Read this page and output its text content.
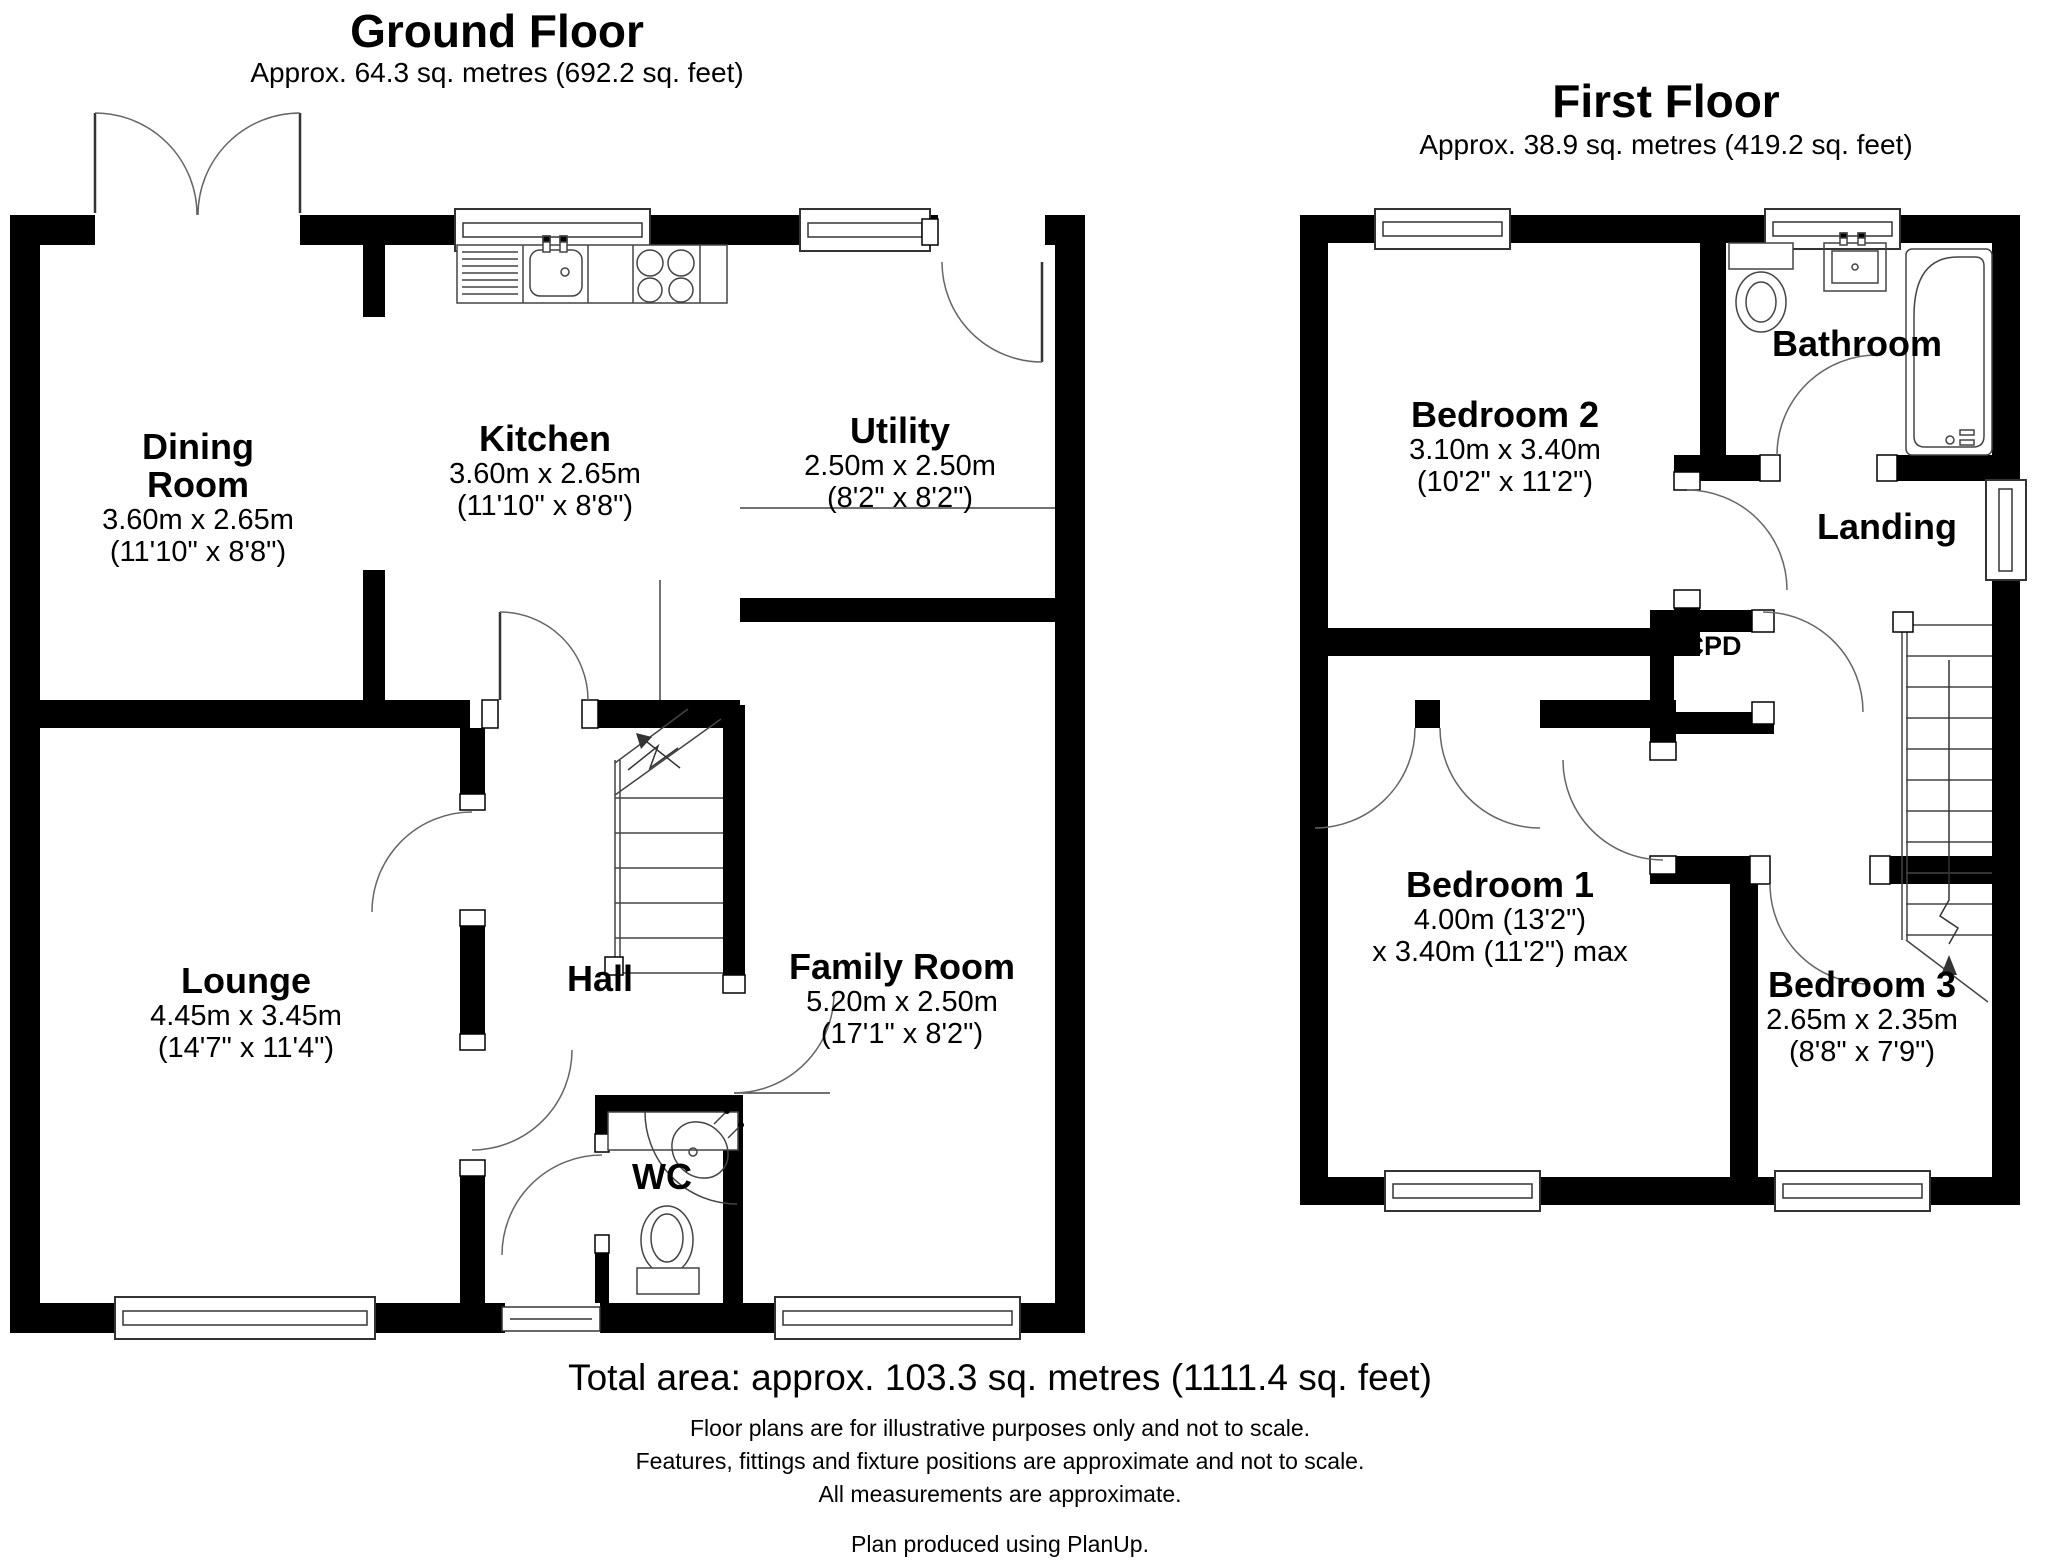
Ground Floor
Approx. 64.3 sq. metres (692.2 sq. feet)
First Floor
Approx. 38.9 sq. metres (419.2 sq. feet)
Dining Room
3.60m x 2.65m
(11'10" x 8'8")
Kitchen
3.60m x 2.65m
(11'10" x 8'8")
Utility
2.50m x 2.50m
(8'2" x 8'2")
Lounge
4.45m x 3.45m
(14'7" x 11'4")
Hall	Family Room
5.20m x 2.50m
(17'1" x 8'2")
WC
Bedroom 2
3.10m x 3.40m
(10'2" x 11'2")
Bathroom
Landing
CPD
Bedroom 1
4.00m (13'2")
x 3.40m (11'2") max
Bedroom 3
2.65m x 2.35m
(8'8" x 7'9")
Total area: approx. 103.3 sq. metres (1111.4 sq. feet)
Floor plans are for illustrative purposes only and not to scale.
Features, fittings and fixture positions are approximate and not to scale.
All measurements are approximate.
Plan produced using PlanUp.
